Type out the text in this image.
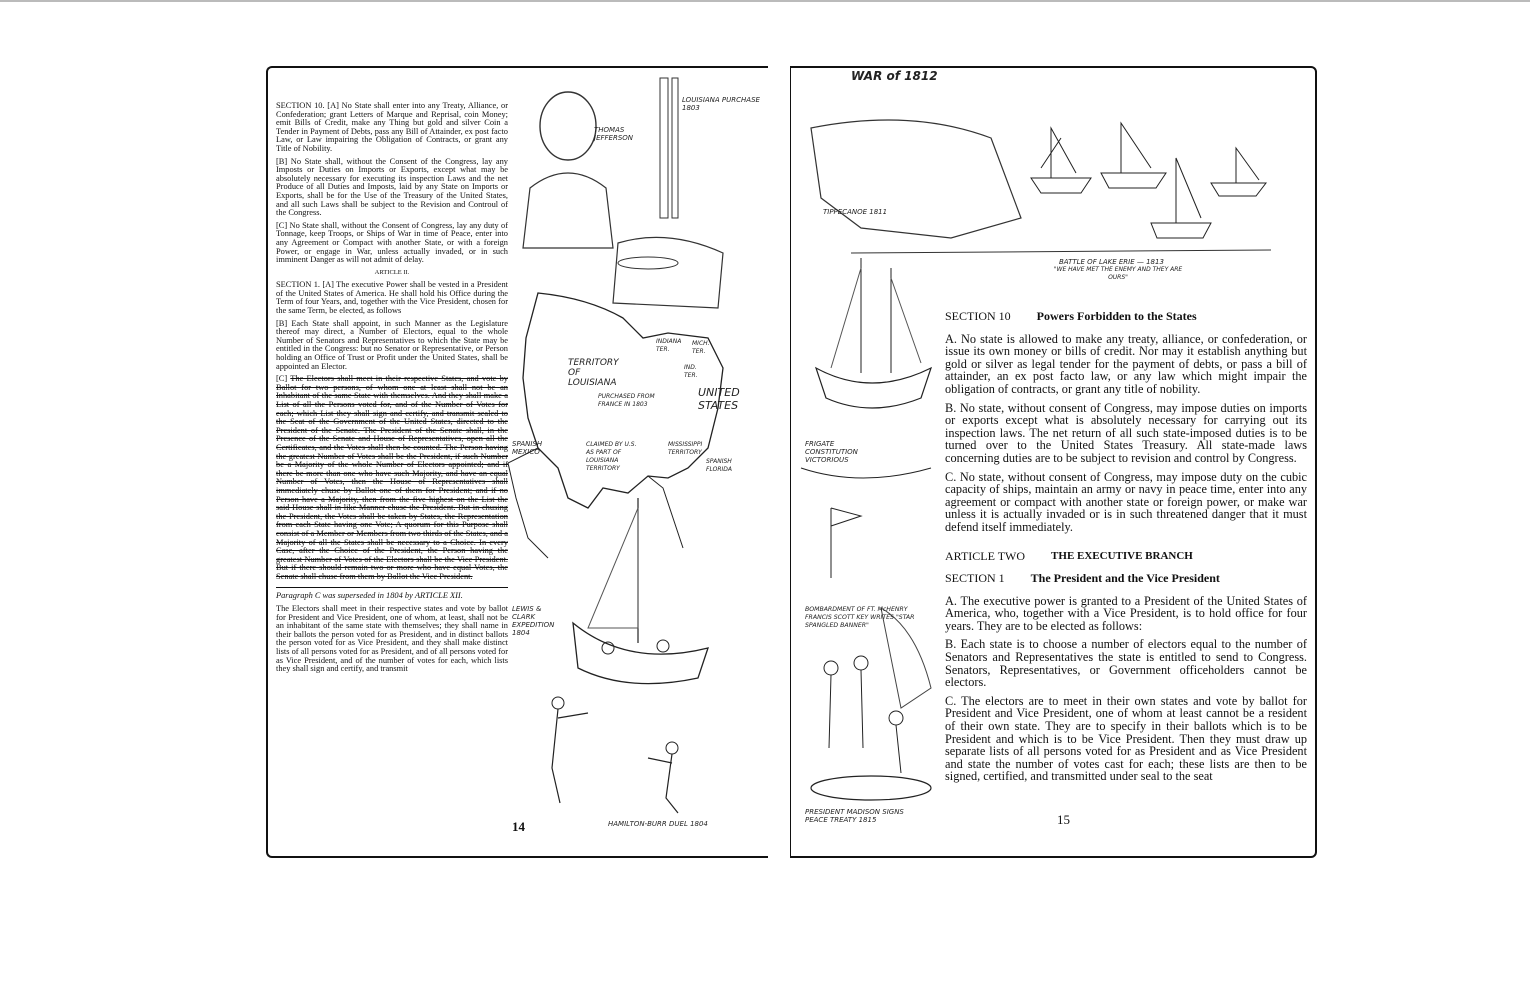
SECTION 10. [A] No State shall enter into any Treaty, Alliance, or Confederation; grant Letters of Marque and Reprisal, coin Money; emit Bills of Credit, make any Thing but gold and silver Coin a Tender in Payment of Debts, pass any Bill of Attainder, ex post facto Law, or Law impairing the Obligation of Contracts, or grant any Title of Nobility.

[B] No State shall, without the Consent of the Congress, lay any Imposts or Duties on Imports or Exports, except what may be absolutely necessary for executing its inspection Laws and the net Produce of all Duties and Imposts, laid by any State on Imports or Exports, shall be for the Use of the Treasury of the United States, and all such Laws shall be subject to the Revision and Controul of the Congress.

[C] No State shall, without the Consent of Congress, lay any duty of Tonnage, keep Troops, or Ships of War in time of Peace, enter into any Agreement or Compact with another State, or with a foreign Power, or engage in War, unless actually invaded, or in such imminent Danger as will not admit of delay.

ARTICLE II.

SECTION 1. [A] The executive Power shall be vested in a President of the United States of America. He shall hold his Office during the Term of four Years, and, together with the Vice President, chosen for the same Term, be elected, as follows

[B] Each State shall appoint, in such Manner as the Legislature thereof may direct, a Number of Electors, equal to the whole Number of Senators and Representatives to which the State may be entitled in the Congress: but no Senator or Representative, or Person holding an Office of Trust or Profit under the United States, shall be appointed an Elector.

[C] The Electors shall meet in their respective States, and vote by Ballot for two persons, of whom one at least shall not be an Inhabitant of the same State with themselves. And they shall make a List of all the Persons voted for, and of the Number of Votes for each; which List they shall sign and certify, and transmit sealed to the Seat of the Government of the United States, directed to the President of the Senate. The President of the Senate shall, in the Presence of the Senate and House of Representatives, open all the Certificates, and the Votes shall then be counted. The Person having the greatest Number of Votes shall be the President, if such Number be a Majority of the whole Number of Electors appointed; and if there be more than one who have such Majority, and have an equal Number of Votes, then the House of Representatives shall immediately chuse by Ballot one of them for President; and if no Person have a Majority, then from the five highest on the List the said House shall in like Manner chuse the President. But in chusing the President, the Votes shall be taken by States, the Representation from each State having one Vote; A quorum for this Purpose shall consist of a Member or Members from two thirds of the States, and a Majority of all the States shall be necessary to a Choice. In every Case, after the Choice of the President, the Person having the greatest Number of Votes of the Electors shall be the Vice President. But if there should remain two or more who have equal Votes, the Senate shall chuse from them by Ballot the Vice President.

Paragraph C was superseded in 1804 by ARTICLE XII.

The Electors shall meet in their respective states and vote by ballot for President and Vice President, one of whom, at least, shall not be an inhabitant of the same state with themselves; they shall name in their ballots the person voted for as President, and in distinct ballots the person voted for as Vice President, and they shall make distinct lists of all persons voted for as President, and of all persons voted for as Vice President, and of the number of votes for each, which lists they shall sign and certify, and transmit

LOUISIANA PURCHASE 1803
THOMAS JEFFERSON
TERRITORY OF LOUISIANA
PURCHASED FROM FRANCE IN 1803
UNITED STATES
SPANISH MEXICO
CLAIMED BY U.S. AS PART OF LOUISIANA TERRITORY
MISSISSIPPI TERRITORY
SPANISH FLORIDA
INDIANA TER.
MICH. TER.
IND. TER.
LEWIS & CLARK EXPEDITION 1804
HAMILTON-BURR DUEL 1804
14
WAR of 1812
TIPPECANOE 1811
BATTLE OF LAKE ERIE — 1813
"WE HAVE MET THE ENEMY AND THEY ARE OURS"
FRIGATE CONSTITUTION VICTORIOUS
BOMBARDMENT OF FT. McHENRY FRANCIS SCOTT KEY WRITES "STAR SPANGLED BANNER"
PRESIDENT MADISON SIGNS PEACE TREATY 1815
SECTION 10 Powers Forbidden to the States

A. No state is allowed to make any treaty, alliance, or confederation, or issue its own money or bills of credit. Nor may it establish anything but gold or silver as legal tender for the payment of debts, or pass a bill of attainder, an ex post facto law, or any law which might impair the obligation of contracts, or grant any title of nobility.

B. No state, without consent of Congress, may impose duties on imports or exports except what is absolutely necessary for carrying out its inspection laws. The net return of all such state-imposed duties is to be turned over to the United States Treasury. All state-made laws concerning duties are to be subject to revision and control by Congress.

C. No state, without consent of Congress, may impose duty on the cubic capacity of ships, maintain an army or navy in peace time, enter into any agreement or compact with another state or foreign power, or make war unless it is actually invaded or is in such threatened danger that it must defend itself immediately.

ARTICLE TWO THE EXECUTIVE BRANCH
SECTION 1 The President and the Vice President

A. The executive power is granted to a President of the United States of America, who, together with a Vice President, is to hold office for four years. They are to be elected as follows:

B. Each state is to choose a number of electors equal to the number of Senators and Representatives the state is entitled to send to Congress. Senators, Representatives, or Government officeholders cannot be electors.

C. The electors are to meet in their own states and vote by ballot for President and Vice President, one of whom at least cannot be a resident of their own state. They are to specify in their ballots which is to be President and which is to be Vice President. Then they must draw up separate lists of all persons voted for as President and as Vice President and state the number of votes cast for each; these lists are then to be signed, certified, and transmitted under seal to the seat

15
